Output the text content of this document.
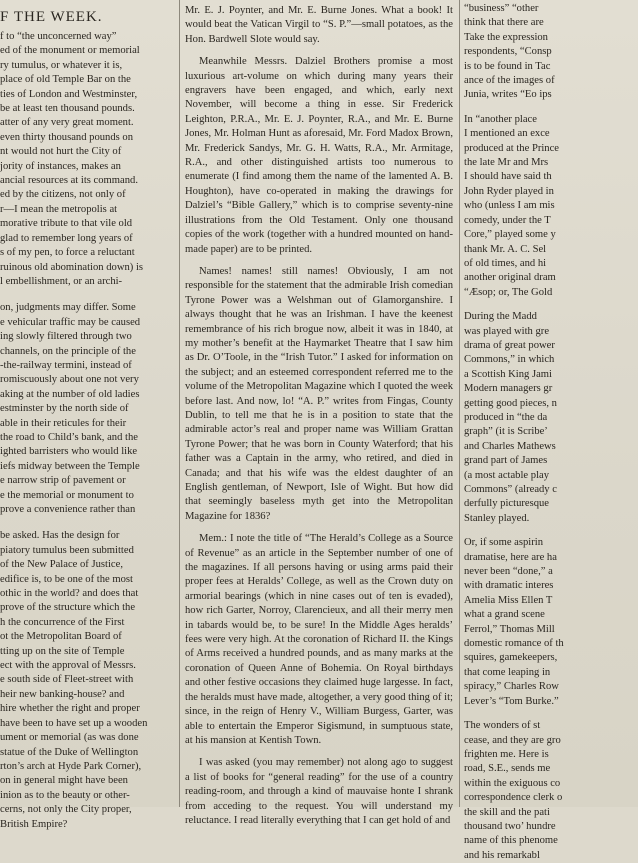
F THE WEEK.
f to “the unconcerned way”
ed of the monument or memorial
ry tumulus, or whatever it is,
place of old Temple Bar on the
ties of London and Westminster,
be at least ten thousand pounds.
atter of any very great moment.
even thirty thousand pounds on
nt would not hurt the City of
jority of instances, makes an
ancial resources at its command.
ed by the citizens, not only of
r—I mean the metropolis at
morative tribute to that vile old
glad to remember long years of
s of my pen, to force a reluctant
ruinous old abomination down) is
l embellishment, or an archi-
on, judgments may differ. Some
e vehicular traffic may be caused
ing slowly filtered through two
channels, on the principle of the
-the-railway termini, instead of
romiscuously about one not very
aking at the number of old ladies
estminster by the north side of
able in their reticules for their
the road to Child’s bank, and the
ighted barristers who would like
iefs midway between the Temple
e narrow strip of pavement or
e the memorial or monument to
prove a convenience rather than
be asked. Has the design for
piatory tumulus been submitted
of the New Palace of Justice,
edifice is, to be one of the most
othic in the world? and does that
prove of the structure which the
h the concurrence of the First
ot the Metropolitan Board of
tting up on the site of Temple
ect with the approval of Messrs.
e south side of Fleet-street with
heir new banking-house? and
hire whether the right and proper
have been to have set up a wooden
ument or memorial (as was done
statue of the Duke of Wellington
rton’s arch at Hyde Park Corner),
on in general might have been
inion as to the beauty or other-
cerns, not only the City proper,
British Empire?

Mr. E. J. Poynter, and Mr. E. Burne Jones. What a book! It would beat the Vatican Virgil to “S. P.”—small potatoes, as the Hon. Bardwell Slote would say.

Meanwhile Messrs. Dalziel Brothers promise a most luxurious art-volume on which during many years their engravers have been engaged, and which, early next November, will become a thing in esse. Sir Frederick Leighton, P.R.A., Mr. E. J. Poynter, R.A., and Mr. E. Burne Jones, Mr. Holman Hunt as aforesaid, Mr. Ford Madox Brown, Mr. Frederick Sandys, Mr. G. H. Watts, R.A., Mr. Armitage, R.A., and other distinguished artists too numerous to enumerate (I find among them the name of the lamented A. B. Houghton), have co-operated in making the drawings for Dalziel’s “Bible Gallery,” which is to comprise seventy-nine illustrations from the Old Testament. Only one thousand copies of the work (together with a hundred mounted on hand-made paper) are to be printed.

Names! names! still names! Obviously, I am not responsible for the statement that the admirable Irish comedian Tyrone Power was a Welshman out of Glamorganshire. I always thought that he was an Irishman. I have the keenest remembrance of his rich brogue now, albeit it was in 1840, at my mother’s benefit at the Haymarket Theatre that I saw him as Dr. O’Toole, in the “Irish Tutor.” I asked for information on the subject; and an esteemed correspondent referred me to the volume of the Metropolitan Magazine which I quoted the week before last. And now, lo! “A. P.” writes from Fingas, County Dublin, to tell me that he is in a position to state that the admirable actor’s real and proper name was William Grattan Tyrone Power; that he was born in County Waterford; that his father was a Captain in the army, who retired, and died in Canada; and that his wife was the eldest daughter of an English gentleman, of Newport, Isle of Wight. But how did that seemingly baseless myth get into the Metropolitan Magazine for 1836?

Mem.: I note the title of “The Herald’s College as a Source of Revenue” as an article in the September number of one of the magazines. If all persons having or using arms paid their proper fees at Heralds’ College, as well as the Crown duty on armorial bearings (which in nine cases out of ten is evaded), how rich Garter, Norroy, Clarencieux, and all their merry men in tabards would be, to be sure! In the Middle Ages heralds’ fees were very high. At the coronation of Richard II. the Kings of Arms received a hundred pounds, and as many marks at the coronation of Queen Anne of Bohemia. On Royal birthdays and other festive occasions they claimed huge largesse. In fact, the heralds must have made, altogether, a very good thing of it; since, in the reign of Henry V., William Burgess, Garter, was able to entertain the Emperor Sigismund, in sumptuous state, at his mansion at Kentish Town.

I was asked (you may remember) not along ago to suggest a list of books for “general reading” for the use of a country reading-room, and through a kind of mauvaise honte I shrank from acceding to the request. You will understand my reluctance. I read literally everything that I can get hold of and

“business” “other
think that there are
Take the expression
respondents, “Consp
is to be found in Tac
ance of the images of
Junia, writes “Eo ips
In “another place
I mentioned an exce
produced at the Prince
the late Mr and Mrs
I should have said th
John Ryder played in
who (unless I am mis
comedy, under the T
Core,” played some y
thank Mr. A. C. Sel
of old times, and hi
another original dram
“Æsop; or, The Gold
During the Madd
was played with gre
drama of great power
Commons,” in which
a Scottish King Jami
Modern managers gr
getting good pieces, n
produced in “the da
graph” (it is Scribe’
and Charles Mathews
grand part of James
(a most actable play
Commons” (already c
derfully picturesque
Stanley played.
Or, if some aspirin
dramatise, here are ha
never been “done,” a
with dramatic interes
Amelia Miss Ellen T
what a grand scene
Ferrol,” Thomas Mill
domestic romance of th
squires, gamekeepers,
that come leaping in
spiracy,” Charles Row
Lever’s “Tom Burke.”
The wonders of st
cease, and they are gro
frighten me. Here is
road, S.E., sends me
within the exiguous co
correspondence clerk o
the skill and the pati
thousand two’ hundre
name of this phenome
and his remarkabl
